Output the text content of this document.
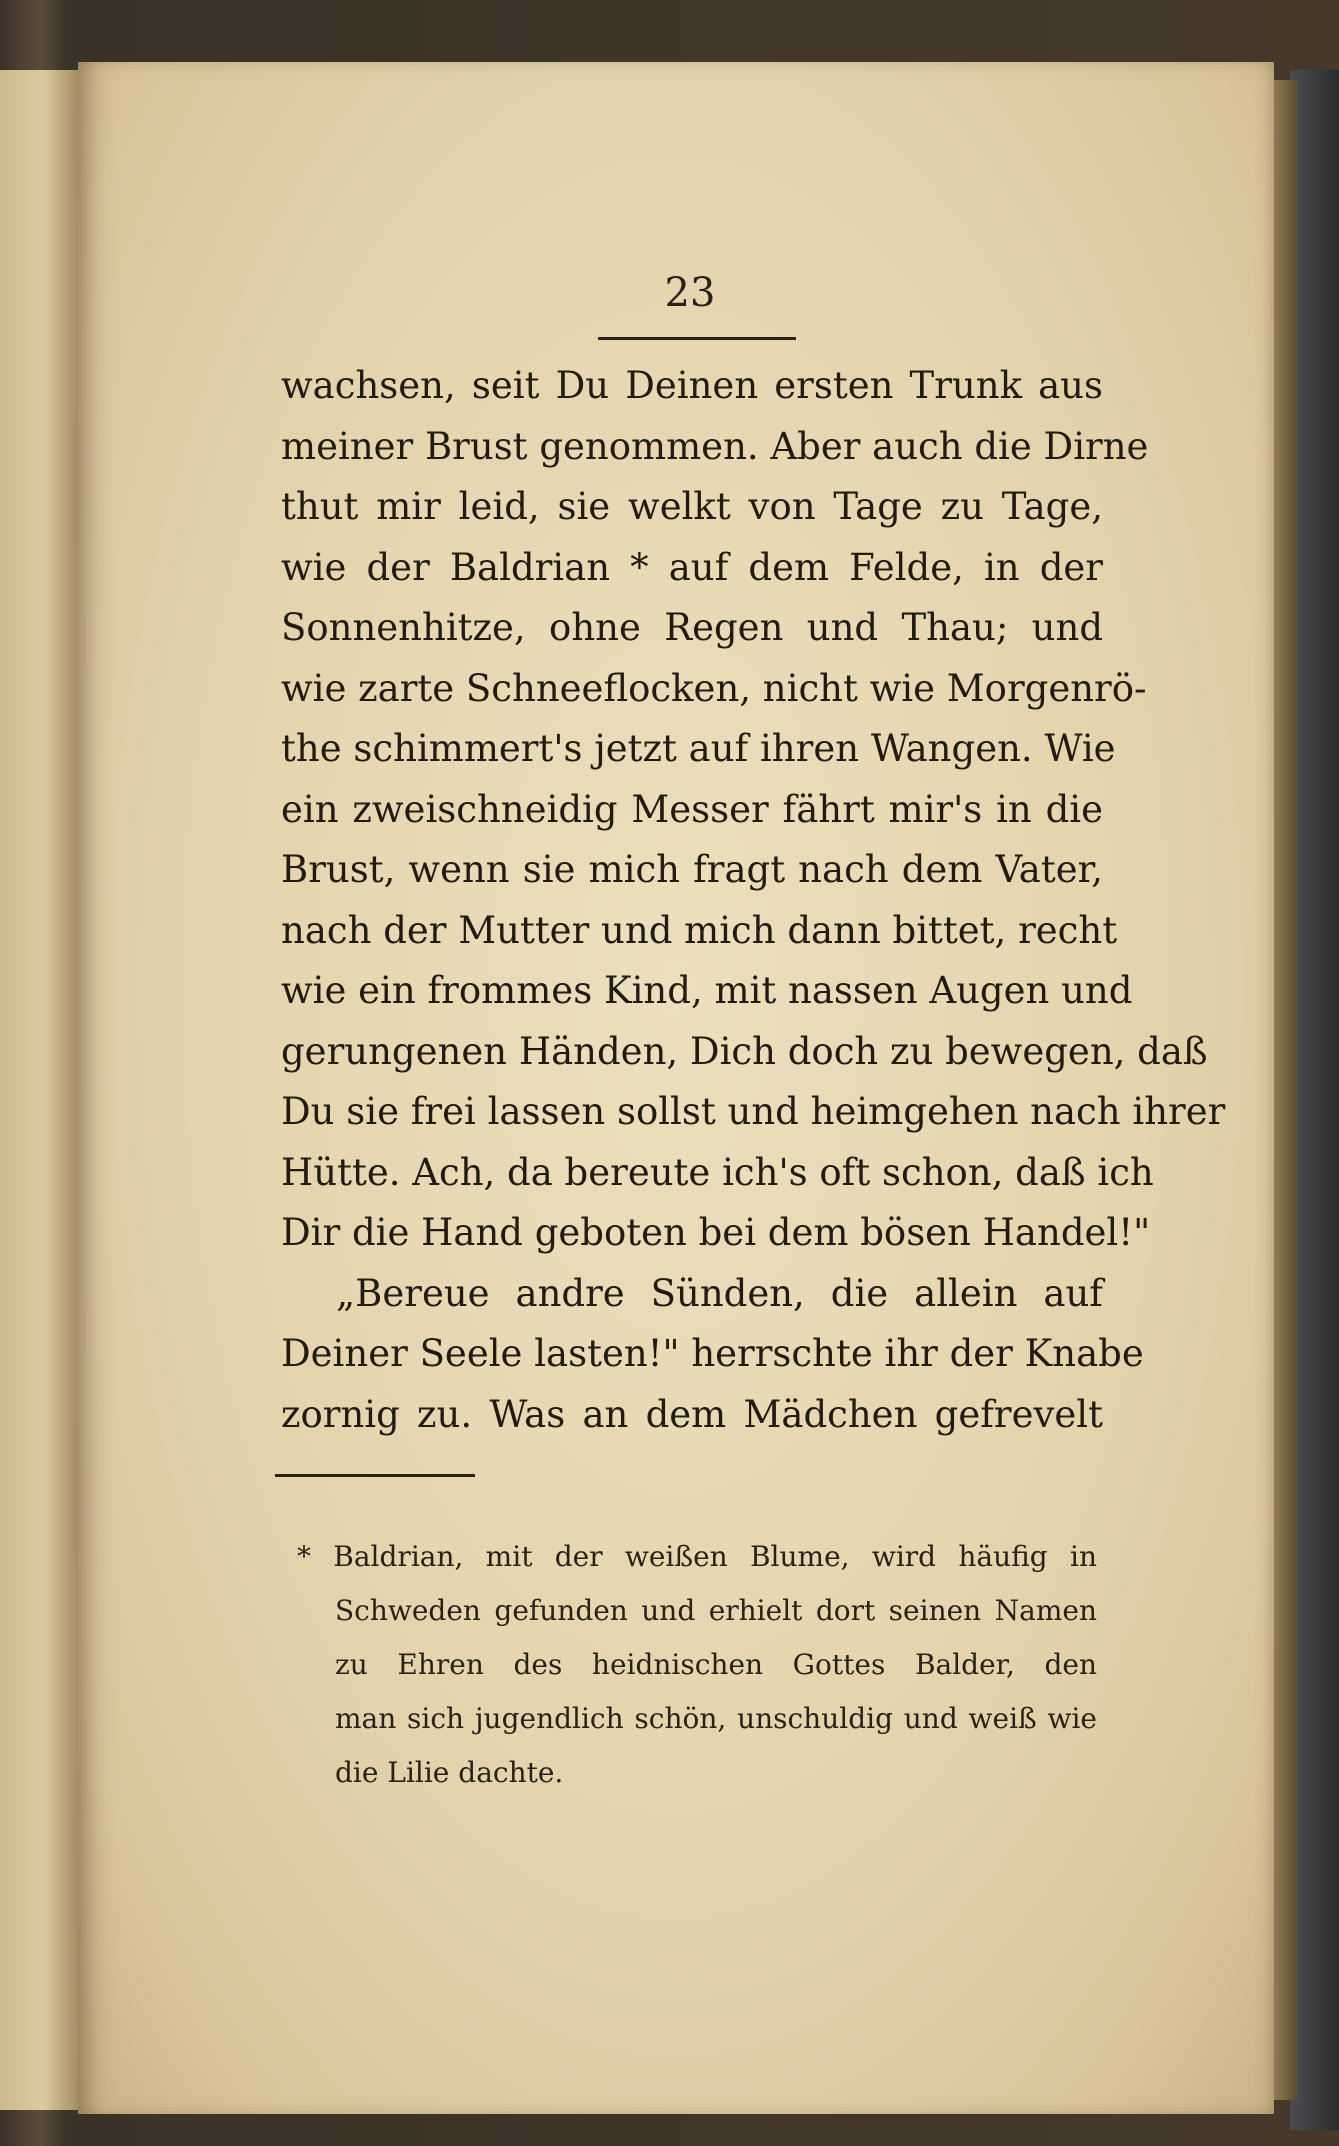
23
wachsen, seit Du Deinen ersten Trunk aus
meiner Brust genommen. Aber auch die Dirne
thut mir leid, sie welkt von Tage zu Tage,
wie der Baldrian * auf dem Felde, in der
Sonnenhitze, ohne Regen und Thau; und
wie zarte Schneeflocken, nicht wie Morgenrö-
the schimmert's jetzt auf ihren Wangen. Wie
ein zweischneidig Messer fährt mir's in die
Brust, wenn sie mich fragt nach dem Vater,
nach der Mutter und mich dann bittet, recht
wie ein frommes Kind, mit nassen Augen und
gerungenen Händen, Dich doch zu bewegen, daß
Du sie frei lassen sollst und heimgehen nach ihrer
Hütte. Ach, da bereute ich's oft schon, daß ich
Dir die Hand geboten bei dem bösen Handel!"
„Bereue andre Sünden, die allein auf
Deiner Seele lasten!" herrschte ihr der Knabe
zornig zu. Was an dem Mädchen gefrevelt
* Baldrian, mit der weißen Blume, wird häufig in
Schweden gefunden und erhielt dort seinen Namen
zu Ehren des heidnischen Gottes Balder, den
man sich jugendlich schön, unschuldig und weiß wie
die Lilie dachte.
